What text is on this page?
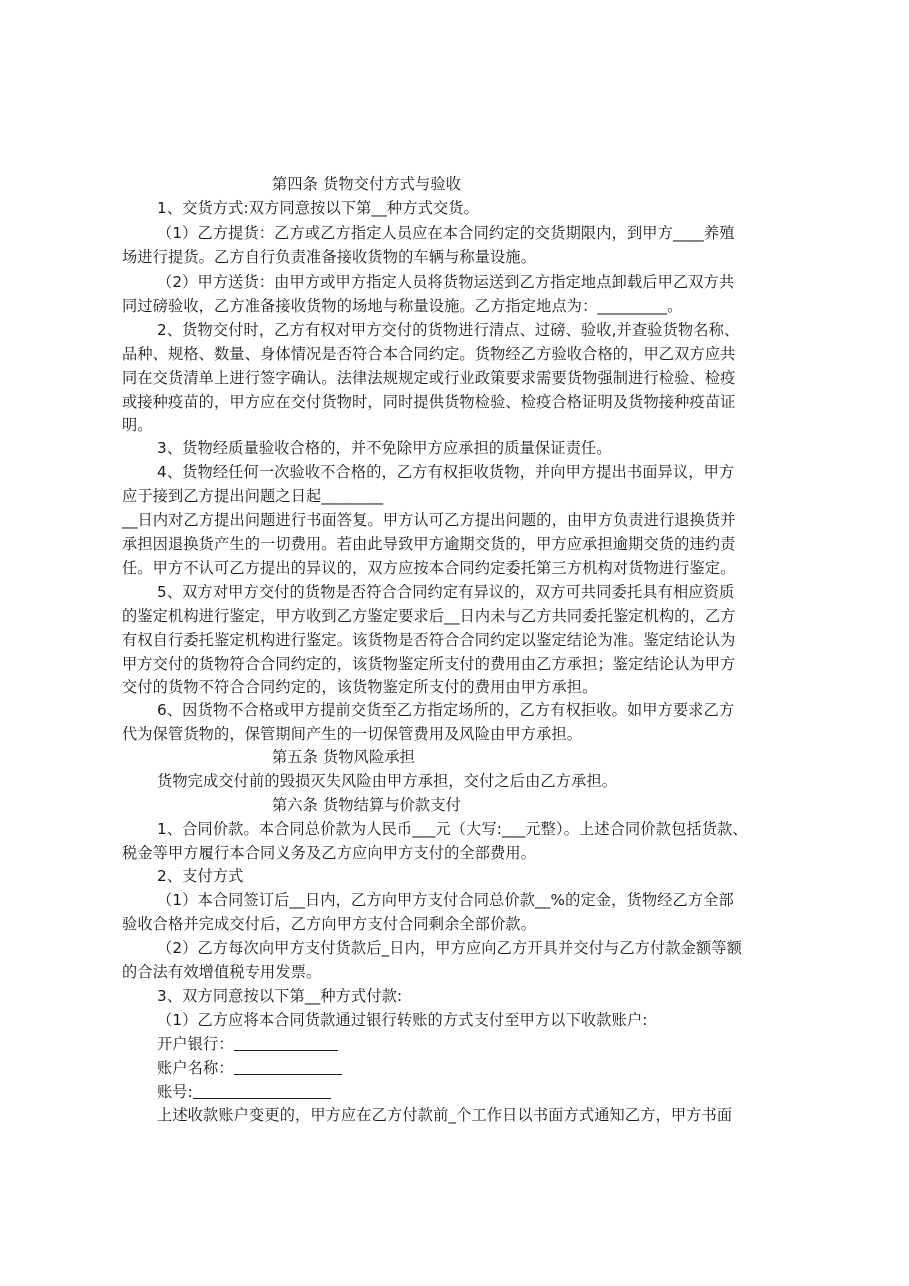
第四条 货物交付方式与验收
1、交货方式:双方同意按以下第__种方式交货。
（1）乙方提货：乙方或乙方指定人员应在本合同约定的交货期限内，到甲方____养殖
场进行提货。乙方自行负责准备接收货物的车辆与称量设施。
（2）甲方送货：由甲方或甲方指定人员将货物运送到乙方指定地点卸载后甲乙双方共
同过磅验收，乙方准备接收货物的场地与称量设施。乙方指定地点为：_________。
2、货物交付时，乙方有权对甲方交付的货物进行清点、过磅、验收,并查验货物名称、
品种、规格、数量、身体情况是否符合本合同约定。货物经乙方验收合格的，甲乙双方应共
同在交货清单上进行签字确认。法律法规规定或行业政策要求需要货物强制进行检验、检疫
或接种疫苗的，甲方应在交付货物时，同时提供货物检验、检疫合格证明及货物接种疫苗证
明。
3、货物经质量验收合格的，并不免除甲方应承担的质量保证责任。
4、货物经任何一次验收不合格的，乙方有权拒收货物，并向甲方提出书面异议，甲方
应于接到乙方提出问题之日起________
__日内对乙方提出问题进行书面答复。甲方认可乙方提出问题的，由甲方负责进行退换货并
承担因退换货产生的一切费用。若由此导致甲方逾期交货的，甲方应承担逾期交货的违约责
任。甲方不认可乙方提出的异议的，双方应按本合同约定委托第三方机构对货物进行鉴定。
5、双方对甲方交付的货物是否符合合同约定有异议的，双方可共同委托具有相应资质
的鉴定机构进行鉴定，甲方收到乙方鉴定要求后__日内未与乙方共同委托鉴定机构的，乙方
有权自行委托鉴定机构进行鉴定。该货物是否符合合同约定以鉴定结论为准。鉴定结论认为
甲方交付的货物符合合同约定的，该货物鉴定所支付的费用由乙方承担；鉴定结论认为甲方
交付的货物不符合合同约定的，该货物鉴定所支付的费用由甲方承担。
6、因货物不合格或甲方提前交货至乙方指定场所的，乙方有权拒收。如甲方要求乙方
代为保管货物的，保管期间产生的一切保管费用及风险由甲方承担。
第五条 货物风险承担
货物完成交付前的毁损灭失风险由甲方承担，交付之后由乙方承担。
第六条 货物结算与价款支付
1、合同价款。本合同总价款为人民币___元（大写:___元整）。上述合同价款包括货款、
税金等甲方履行本合同义务及乙方应向甲方支付的全部费用。
2、支付方式
（1）本合同签订后__日内，乙方向甲方支付合同总价款__%的定金，货物经乙方全部
验收合格并完成交付后，乙方向甲方支付合同剩余全部价款。
（2）乙方每次向甲方支付货款后_日内，甲方应向乙方开具并交付与乙方付款金额等额
的合法有效增值税专用发票。
3、双方同意按以下第__种方式付款:
（1）乙方应将本合同货款通过银行转账的方式支付至甲方以下收款账户:
开户银行：
账户名称：
账号:
上述收款账户变更的，甲方应在乙方付款前_个工作日以书面方式通知乙方，甲方书面
